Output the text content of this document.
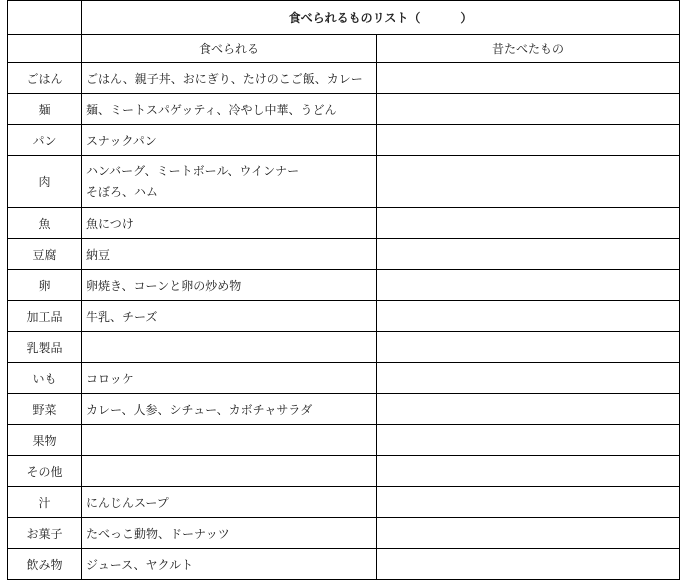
	食べられるものリスト（ ）	
	食べられる	昔たべたもの
ごはん	ごはん、親子丼、おにぎり、たけのこご飯、カレー	
麺	麺、ミートスパゲッティ、冷やし中華、うどん	
パン	スナックパン	
肉	ハンバーグ、ミートボール、ウインナー
そぼろ、ハム	

魚	魚につけ	
豆腐	納豆	
卵	卵焼き、コーンと卵の炒め物	
加工品	牛乳、チーズ	
乳製品		
いも	コロッケ	
野菜	カレー、人参、シチュー、カボチャサラダ	
果物		
その他		
汁	にんじんスープ	
お菓子	たべっこ動物、ドーナッツ	
飲み物	ジュース、ヤクルト	
